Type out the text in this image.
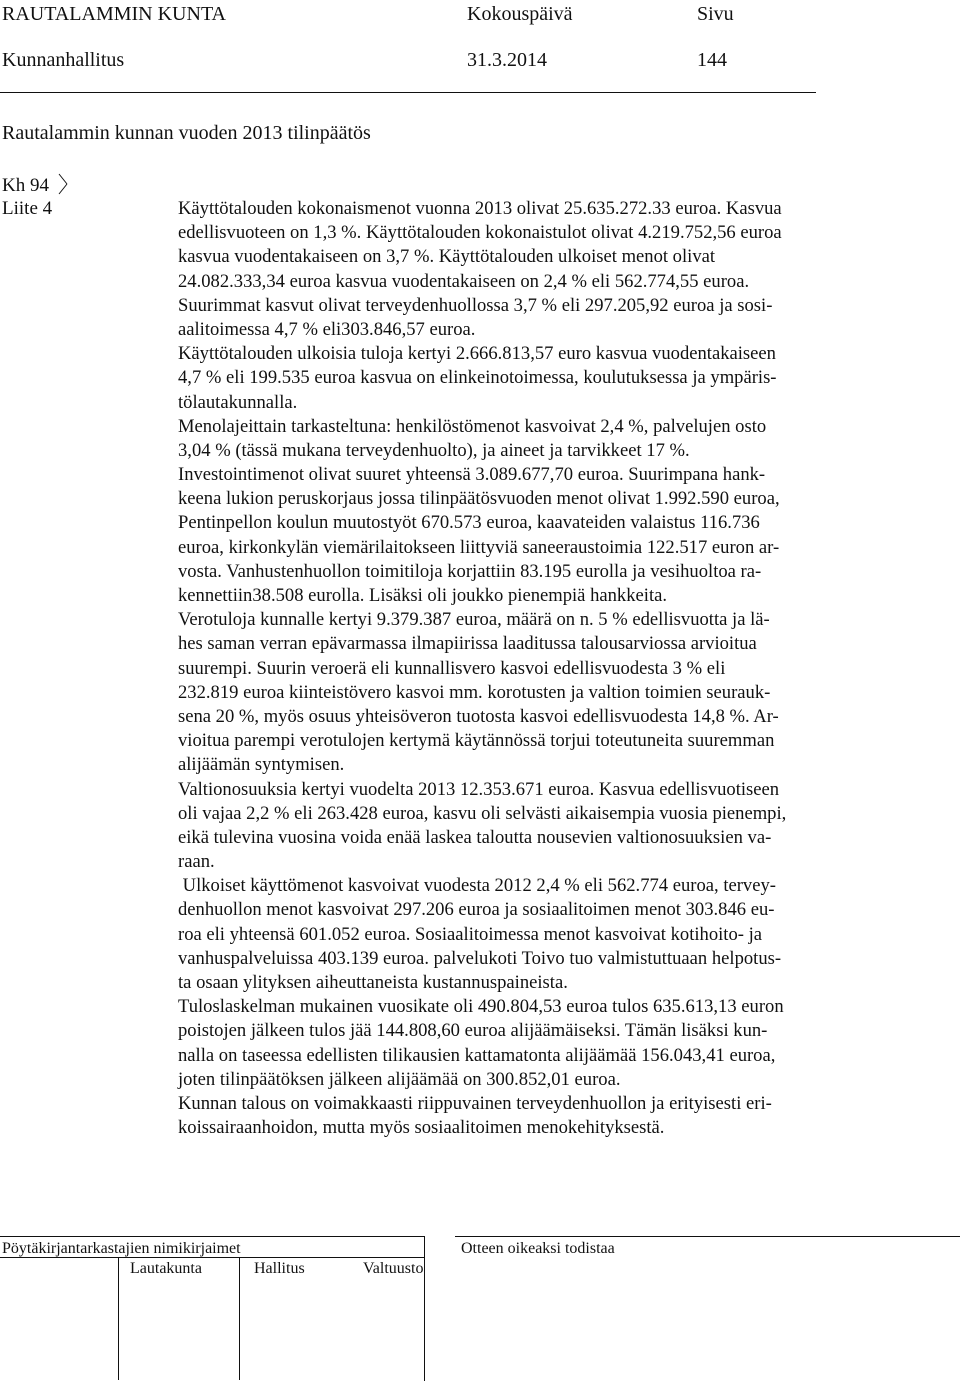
RAUTALAMMIN KUNTA	Kokouspäivä	Sivu
Kunnanhallitus	31.3.2014	144
Rautalammin kunnan vuoden 2013 tilinpäätös
Kh 94
Liite 4	Käyttötalouden kokonaismenot vuonna 2013 olivat 25.635.272.33 euroa. Kasvua
edellisvuoteen on 1,3 %. Käyttötalouden kokonaistulot olivat 4.219.752,56 euroa
kasvua vuodentakaiseen on 3,7 %. Käyttötalouden ulkoiset menot olivat
24.082.333,34 euroa kasvua vuodentakaiseen on 2,4 % eli 562.774,55 euroa.
Suurimmat kasvut olivat terveydenhuollossa 3,7 % eli 297.205,92 euroa ja sosi-
aalitoimessa 4,7 % eli303.846,57 euroa.
Käyttötalouden ulkoisia tuloja kertyi 2.666.813,57 euro kasvua vuodentakaiseen
4,7 % eli 199.535 euroa kasvua on elinkeinotoimessa, koulutuksessa ja ympäris-
tölautakunnalla.
Menolajeittain tarkasteltuna: henkilöstömenot kasvoivat 2,4 %, palvelujen osto
3,04 % (tässä mukana terveydenhuolto), ja aineet ja tarvikkeet 17 %.
Investointimenot olivat suuret yhteensä 3.089.677,70 euroa. Suurimpana hank-
keena lukion peruskorjaus jossa tilinpäätösvuoden menot olivat 1.992.590 euroa,
Pentinpellon koulun muutostyöt 670.573 euroa, kaavateiden valaistus 116.736
euroa, kirkonkylän viemärilaitokseen liittyviä saneeraustoimia 122.517 euron ar-
vosta. Vanhustenhuollon toimitiloja korjattiin 83.195 eurolla ja vesihuoltoa ra-
kennettiin38.508 eurolla. Lisäksi oli joukko pienempiä hankkeita.
Verotuloja kunnalle kertyi 9.379.387 euroa, määrä on n. 5 % edellisvuotta ja lä-
hes saman verran epävarmassa ilmapiirissa laaditussa talousarviossa arvioitua
suurempi. Suurin veroerä eli kunnallisvero kasvoi edellisvuodesta 3 % eli
232.819 euroa kiinteistövero kasvoi mm. korotusten ja valtion toimien seurauk-
sena 20 %, myös osuus yhteisöveron tuotosta kasvoi edellisvuodesta 14,8 %. Ar-
vioitua parempi verotulojen kertymä käytännössä torjui toteutuneita suuremman
alijäämän syntymisen.
Valtionosuuksia kertyi vuodelta 2013 12.353.671 euroa. Kasvua edellisvuotiseen
oli vajaa 2,2 % eli 263.428 euroa, kasvu oli selvästi aikaisempia vuosia pienempi,
eikä tulevina vuosina voida enää laskea taloutta nousevien valtionosuuksien va-
raan.
Ulkoiset käyttömenot kasvoivat vuodesta 2012 2,4 % eli 562.774 euroa, tervey-
denhuollon menot kasvoivat 297.206 euroa ja sosiaalitoimen menot 303.846 eu-
roa eli yhteensä 601.052 euroa. Sosiaalitoimessa menot kasvoivat kotihoito- ja
vanhuspalveluissa 403.139 euroa. palvelukoti Toivo tuo valmistuttuaan helpotus-
ta osaan ylityksen aiheuttaneista kustannuspaineista.
Tuloslaskelman mukainen vuosikate oli 490.804,53 euroa tulos 635.613,13 euron
poistojen jälkeen tulos jää 144.808,60 euroa alijäämäiseksi. Tämän lisäksi kun-
nalla on taseessa edellisten tilikausien kattamatonta alijäämää 156.043,41 euroa,
joten tilinpäätöksen jälkeen alijäämää on 300.852,01 euroa.
Kunnan talous on voimakkaasti riippuvainen terveydenhuollon ja erityisesti eri-
koissairaanhoidon, mutta myös sosiaalitoimen menokehityksestä.
Pöytäkirjantarkastajien nimikirjaimet
Lautakunta	Hallitus	Valtuusto
Otteen oikeaksi todistaa
